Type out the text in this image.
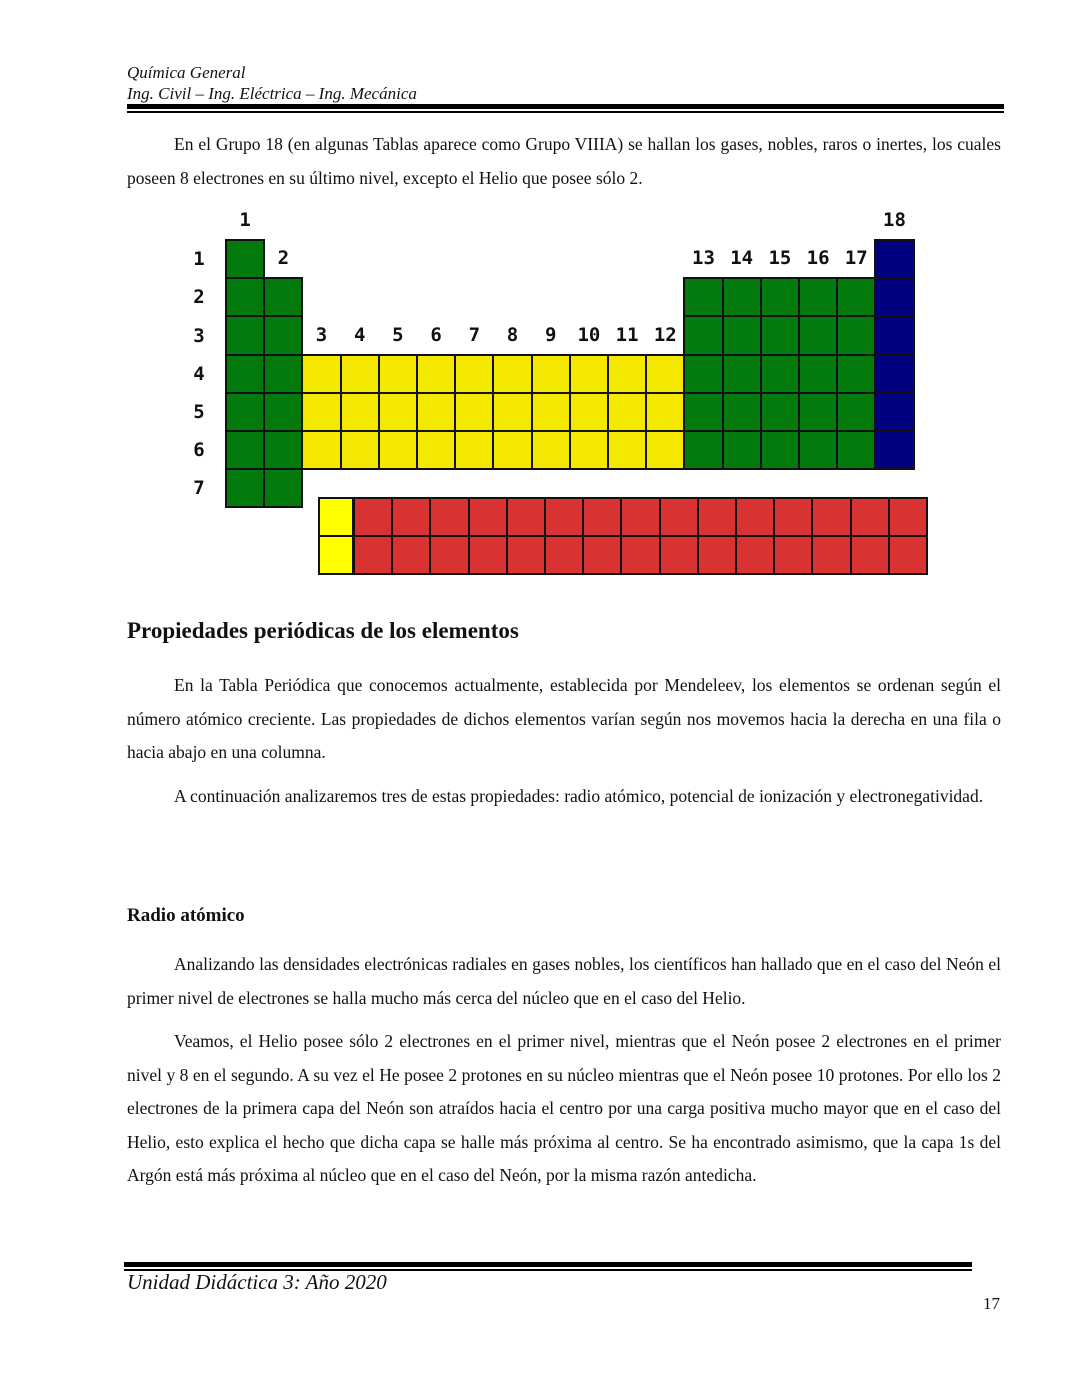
Química General
Ing. Civil – Ing. Eléctrica – Ing. Mecánica
En el Grupo 18 (en algunas Tablas aparece como Grupo VIIIA) se hallan los gases, nobles, raros o inertes, los cuales poseen 8 electrones en su último nivel, excepto el Helio que posee sólo 2.
1
2
3	4	5	6	7	8	9	10 11 12
13 14 15 16 17
18
1
2
3
4
5
6
7
Propiedades periódicas de los elementos
En la Tabla Periódica que conocemos actualmente, establecida por Mendeleev, los elementos se ordenan según el número atómico creciente. Las propiedades de dichos elementos varían según nos movemos hacia la derecha en una fila o hacia abajo en una columna.
A continuación analizaremos tres de estas propiedades: radio atómico, potencial de ionización y electronegatividad.
Radio atómico
Analizando las densidades electrónicas radiales en gases nobles, los científicos han hallado que en el caso del Neón el primer nivel de electrones se halla mucho más cerca del núcleo que en el caso del Helio.
Veamos, el Helio posee sólo 2 electrones en el primer nivel, mientras que el Neón posee 2 electrones en el primer nivel y 8 en el segundo. A su vez el He posee 2 protones en su núcleo mientras que el Neón posee 10 protones. Por ello los 2 electrones de la primera capa del Neón son atraídos hacia el centro por una carga positiva mucho mayor que en el caso del Helio, esto explica el hecho que dicha capa se halle más próxima al centro. Se ha encontrado asimismo, que la capa 1s del Argón está más próxima al núcleo que en el caso del Neón, por la misma razón antedicha.
Unidad Didáctica 3: Año 2020
17
